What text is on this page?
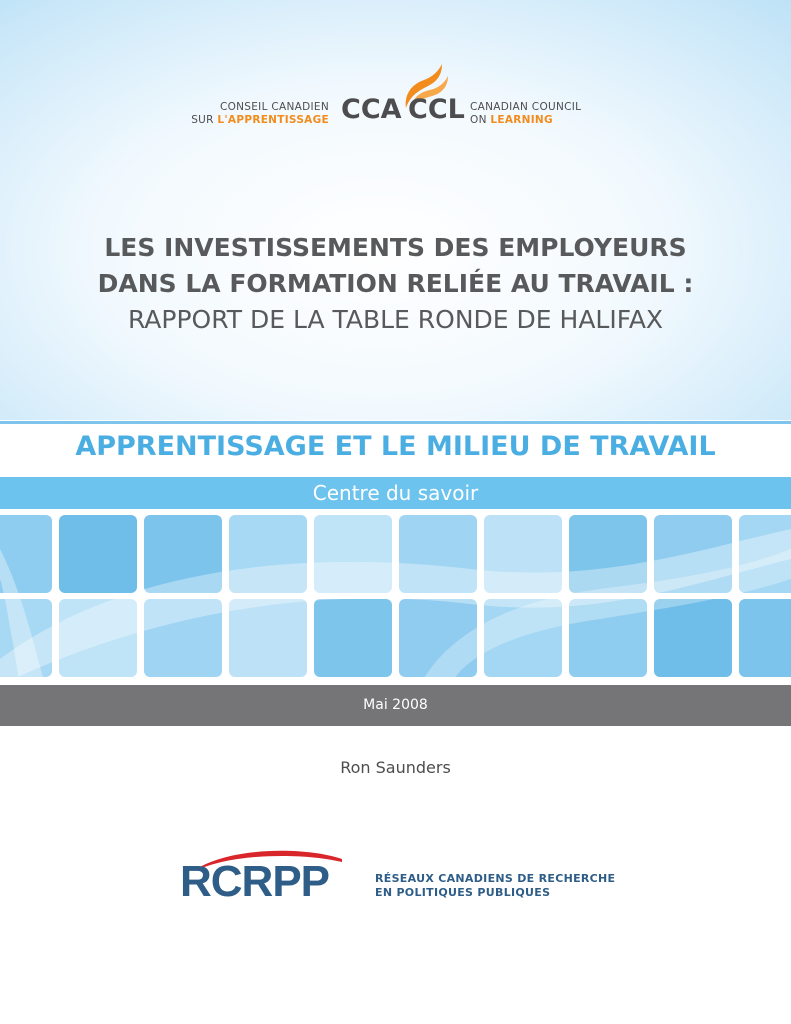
CONSEIL CANADIEN
SUR L'APPRENTISSAGE CCA CCL CANADIAN COUNCIL
ON LEARNING
LES INVESTISSEMENTS DES EMPLOYEURS
DANS LA FORMATION RELIÉE AU TRAVAIL :
RAPPORT DE LA TABLE RONDE DE HALIFAX
APPRENTISSAGE ET LE MILIEU DE TRAVAIL
Centre du savoir
Mai 2008
Ron Saunders
RCRPP	RÉSEAUX CANADIENS DE RECHERCHE
EN POLITIQUES PUBLIQUES
